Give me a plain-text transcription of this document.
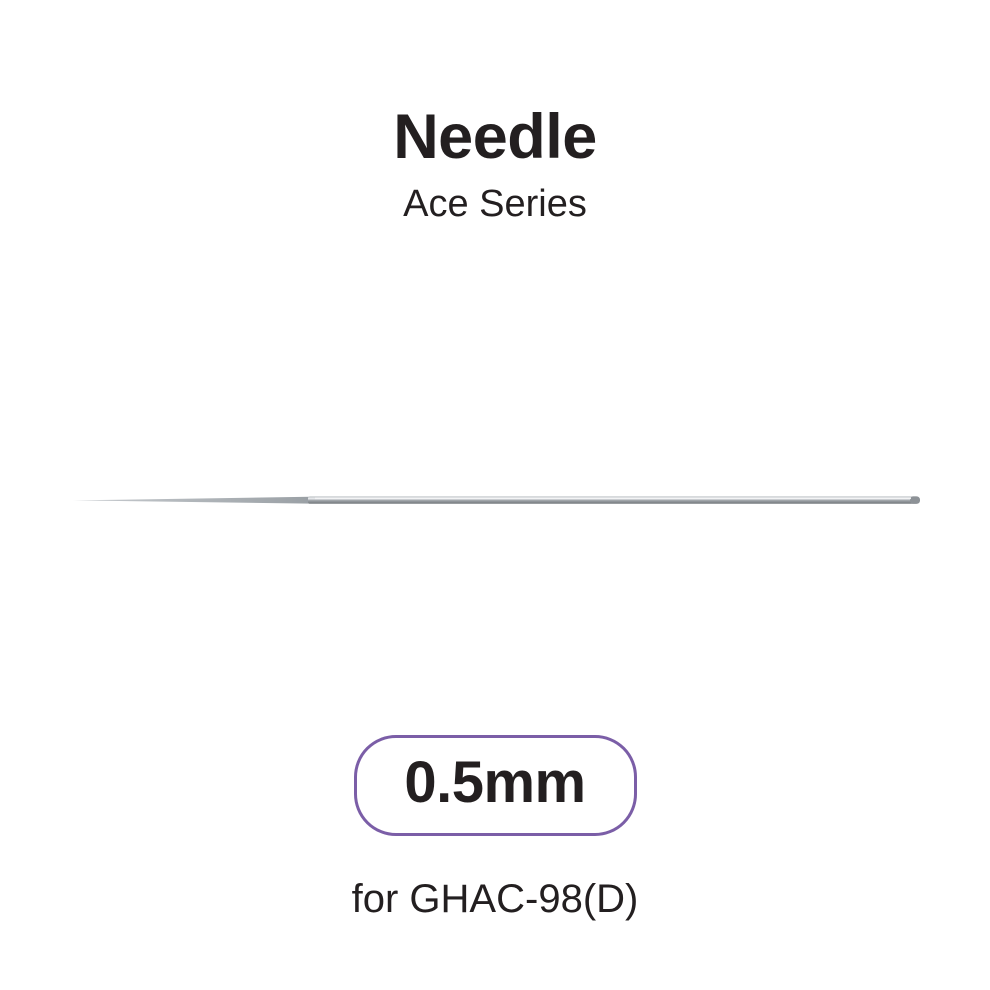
Needle
Ace Series
0.5mm
for GHAC-98(D)
